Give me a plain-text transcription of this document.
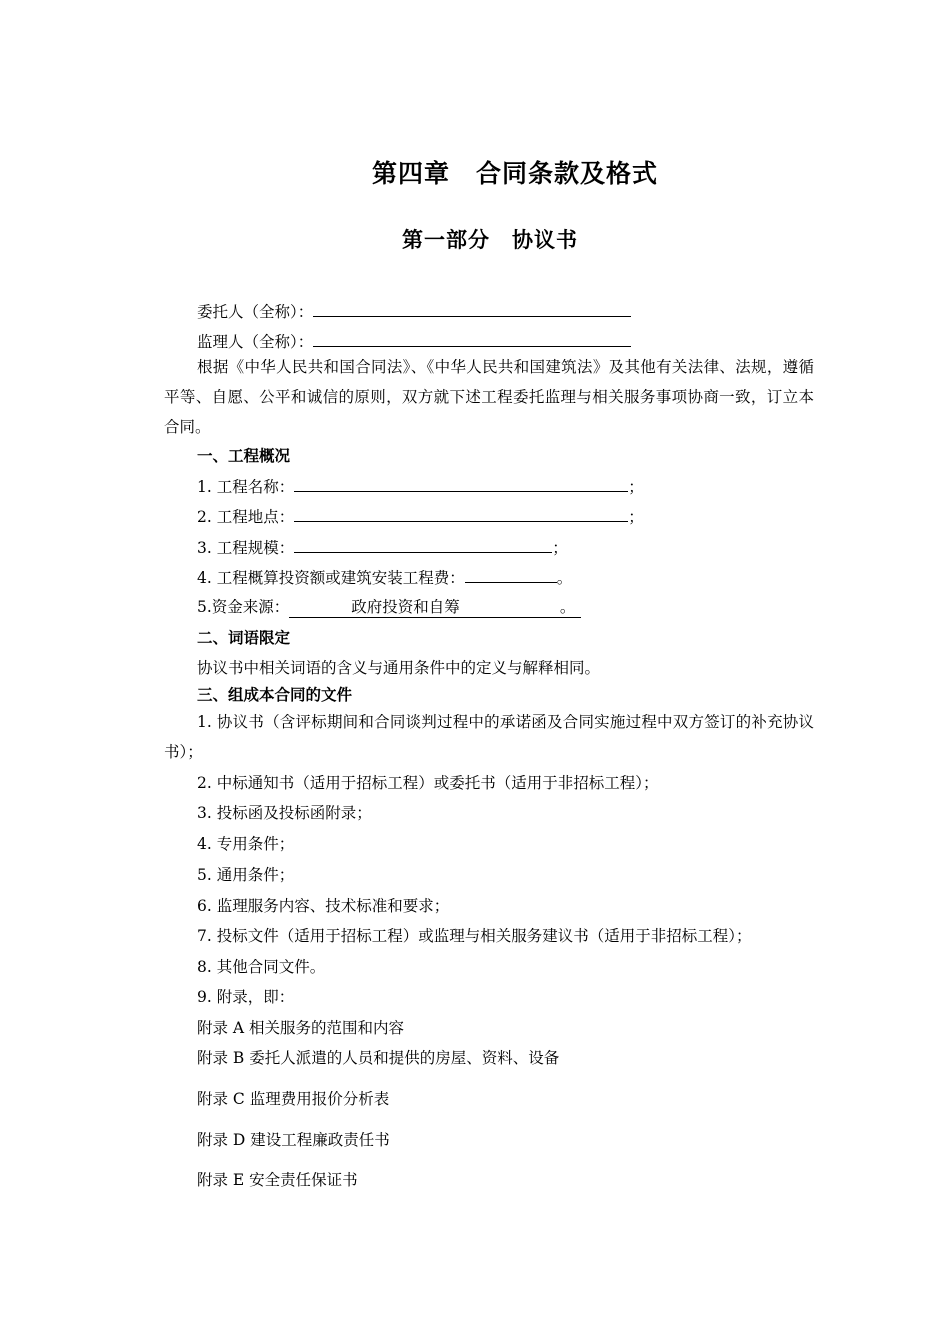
第四章　合同条款及格式
第一部分　协议书
委托人（全称）：
监理人（全称）：
根据《中华人民共和国合同法》、《中华人民共和国建筑法》及其他有关法律、法规，遵循平等、自愿、公平和诚信的原则，双方就下述工程委托监理与相关服务事项协商一致，订立本合同。
一、工程概况
1. 工程名称：	；
2. 工程地点：	；
3. 工程规模：	；
4. 工程概算投资额或建筑安装工程费：	。
5.资金来源：	政府投资和自筹	。
二、词语限定
协议书中相关词语的含义与通用条件中的定义与解释相同。
三、组成本合同的文件
1. 协议书（含评标期间和合同谈判过程中的承诺函及合同实施过程中双方签订的补充协议书）；
2. 中标通知书（适用于招标工程）或委托书（适用于非招标工程）；
3. 投标函及投标函附录；
4. 专用条件；
5. 通用条件；
6. 监理服务内容、技术标准和要求；
7. 投标文件（适用于招标工程）或监理与相关服务建议书（适用于非招标工程）；
8. 其他合同文件。
9. 附录，即：
附录 A 相关服务的范围和内容
附录 B 委托人派遣的人员和提供的房屋、资料、设备
附录 C 监理费用报价分析表
附录 D 建设工程廉政责任书
附录 E 安全责任保证书
